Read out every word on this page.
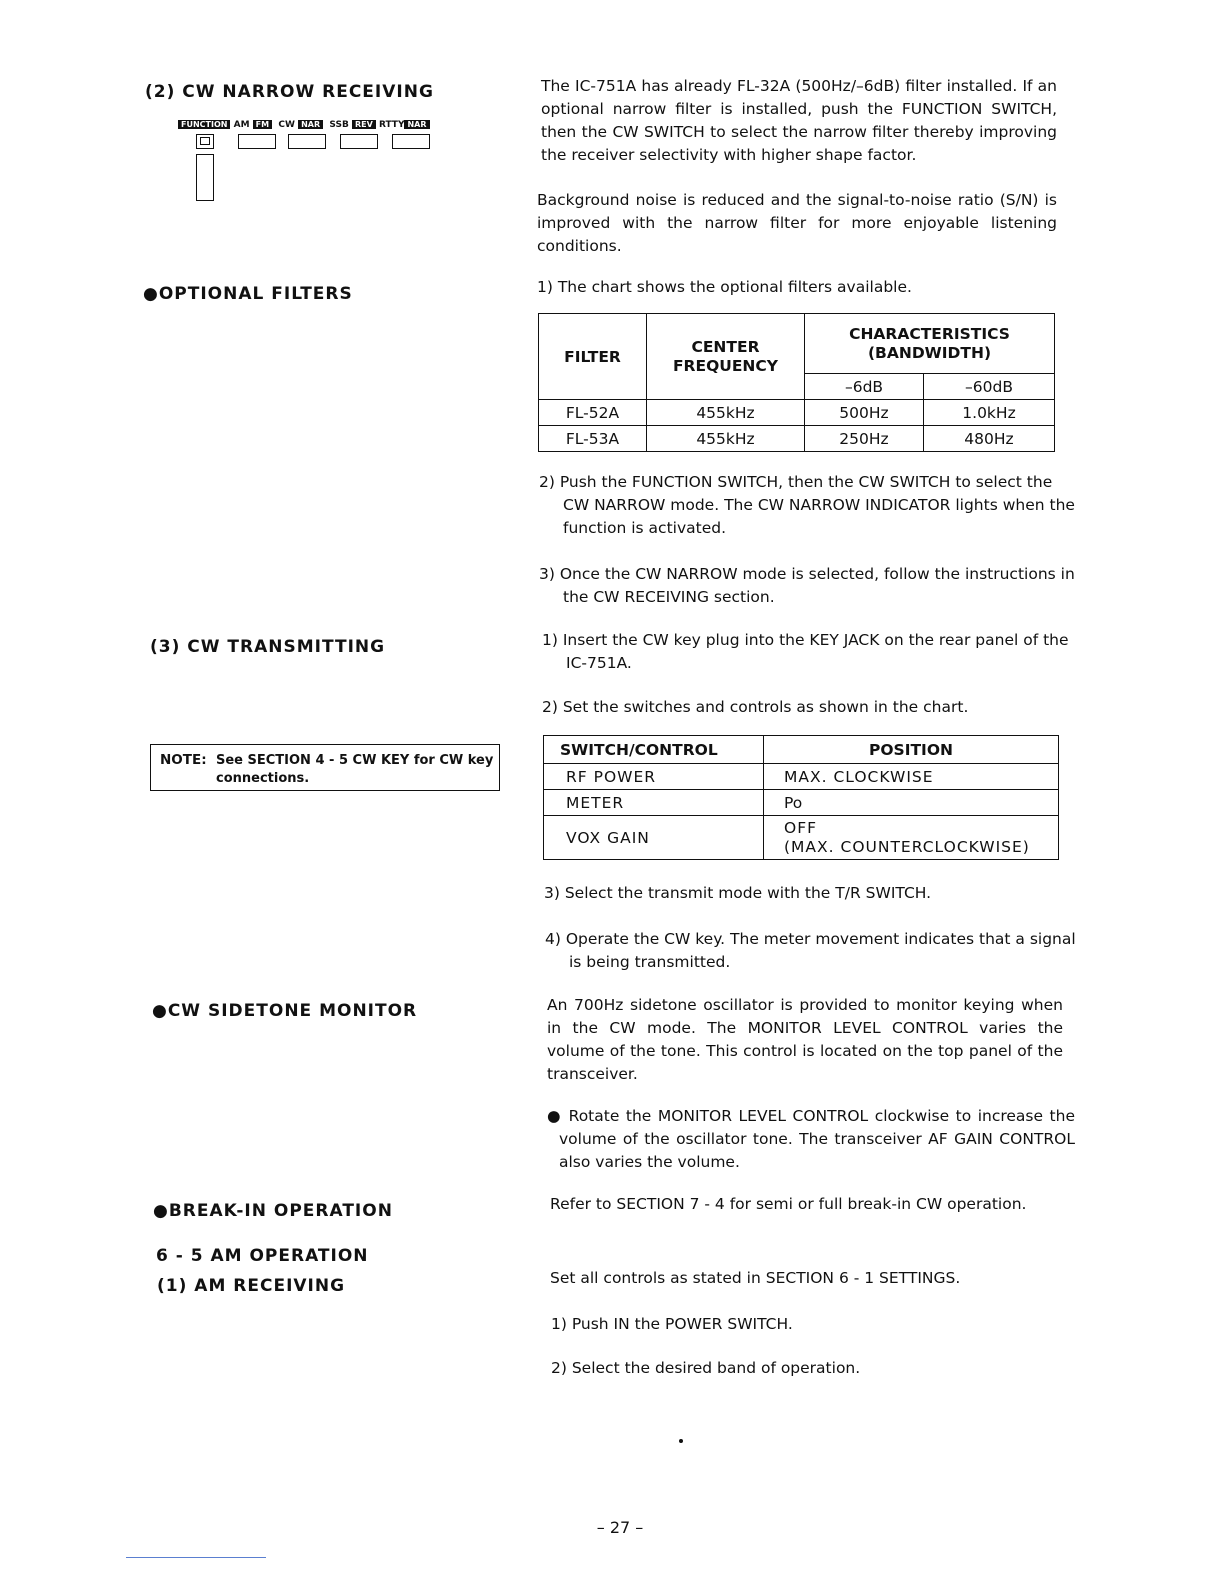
(2) CW NARROW RECEIVING
FUNCTION AM FM CW NAR SSB REV RTTY NAR
The IC-751A has already FL-32A (500Hz/–6dB) filter installed. If an optional narrow filter is installed, push the FUNCTION SWITCH, then the CW SWITCH to select the narrow filter thereby improving the receiver selectivity with higher shape factor.
Background noise is reduced and the signal-to-noise ratio (S/N) is improved with the narrow filter for more enjoyable listening conditions.
●OPTIONAL FILTERS	1) The chart shows the optional filters available.
FILTER	CENTER FREQUENCY	CHARACTERISTICS (BANDWIDTH)	
		–6dB	–60dB
FL-52A	455kHz	500Hz	1.0kHz
FL-53A	455kHz	250Hz	480Hz
2) Push the FUNCTION SWITCH, then the CW SWITCH to select the CW NARROW mode. The CW NARROW INDICATOR lights when the function is activated.
3) Once the CW NARROW mode is selected, follow the instructions in the CW RECEIVING section.
(3) CW TRANSMITTING	1) Insert the CW key plug into the KEY JACK on the rear panel of the IC-751A.
2) Set the switches and controls as shown in the chart.
NOTE: See SECTION 4 - 5 CW KEY for CW key connections.
SWITCH/CONTROL	POSITION
RF POWER	MAX. CLOCKWISE
METER	Po
VOX GAIN	OFF
(MAX. COUNTERCLOCKWISE)
3) Select the transmit mode with the T/R SWITCH.
4) Operate the CW key. The meter movement indicates that a signal is being transmitted.
●CW SIDETONE MONITOR	An 700Hz sidetone oscillator is provided to monitor keying when in the CW mode. The MONITOR LEVEL CONTROL varies the volume of the tone. This control is located on the top panel of the transceiver.
● Rotate the MONITOR LEVEL CONTROL clockwise to increase the volume of the oscillator tone. The transceiver AF GAIN CONTROL also varies the volume.
●BREAK-IN OPERATION	Refer to SECTION 7 - 4 for semi or full break-in CW operation.
6 - 5 AM OPERATION
(1) AM RECEIVING	Set all controls as stated in SECTION 6 - 1 SETTINGS.
1) Push IN the POWER SWITCH.
2) Select the desired band of operation.
– 27 –
